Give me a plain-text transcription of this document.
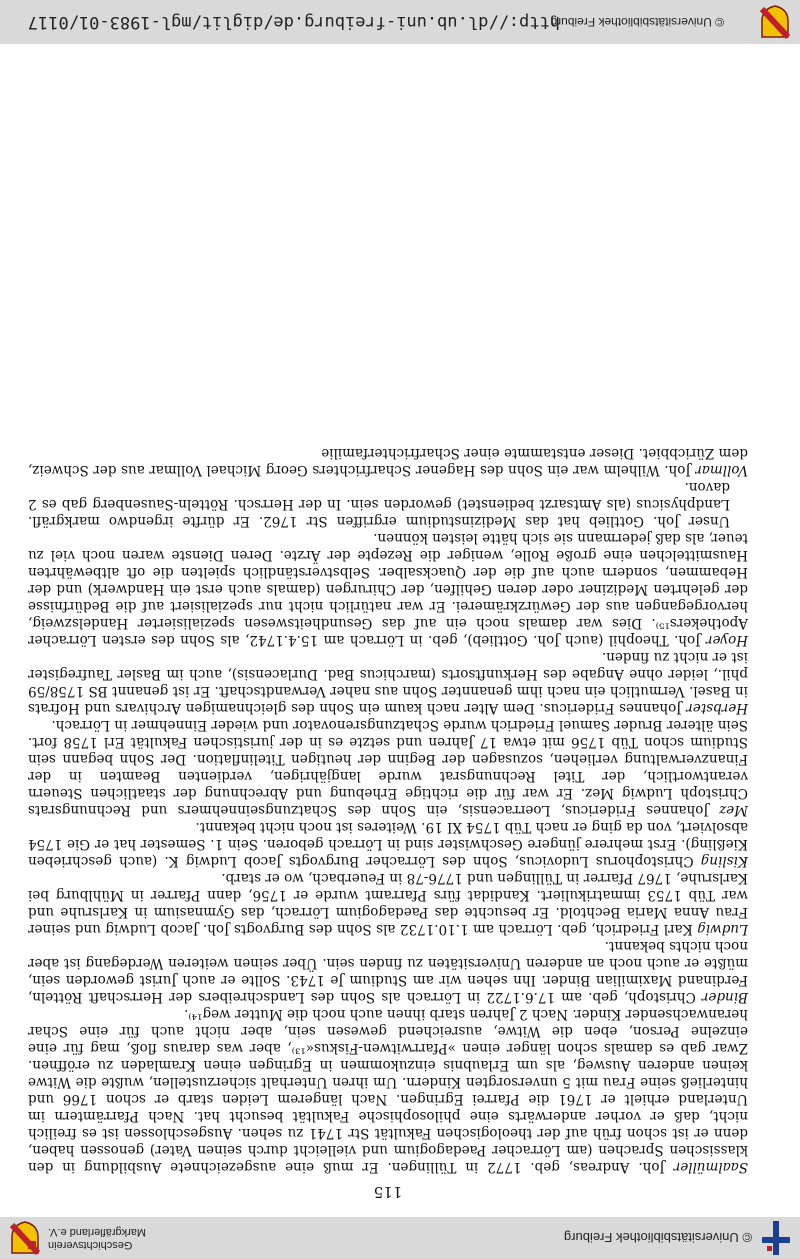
© Universitätsbibliothek Freiburg
Geschichtsverein
Markgräflerland e.V.
115

Saalmüller Joh. Andreas, geb. 1772 in Tüllingen. Er muß eine ausgezeichnete Ausbildung in den klassischen Sprachen (am Lörracher Paedagogium und vielleicht durch seinen Vater) genossen haben, denn er ist schon früh auf der theologischen Fakultät Str 1741 zu sehen. Ausgeschlossen ist es freilich nicht, daß er vorher anderwärts eine philosophische Fakultät besucht hat. Nach Pfarrämtern im Unterland erhielt er 1761 die Pfarrei Egringen. Nach längerem Leiden starb er schon 1766 und hinterließ seine Frau mit 5 unversorgten Kindern. Um ihren Unterhalt sicherzustellen, wußte die Witwe keinen anderen Ausweg, als um Erlaubnis einzukommen in Egringen einen Kramladen zu eröffnen. Zwar gab es damals schon länger einen »Pfarrwitwen-Fiskus«¹³⁾, aber was daraus floß, mag für eine einzelne Person, eben die Witwe, ausreichend gewesen sein, aber nicht auch für eine Schar heranwachsender Kinder. Nach 2 Jahren starb ihnen auch noch die Mutter weg¹⁴⁾.

Binder Christoph, geb. am 17.6.1722 in Lörrach als Sohn des Landschreibers der Herrschaft Rötteln, Ferdinand Maximilian Binder. Ihn sehen wir am Studium Je 1743. Sollte er auch Jurist geworden sein, müßte er auch noch an anderen Universitäten zu finden sein. Über seinen weiteren Werdegang ist aber noch nichts bekannt.

Ludwig Karl Friedrich, geb. Lörrach am 1.10.1732 als Sohn des Burgvogts Joh. Jacob Ludwig und seiner Frau Anna Maria Bechtold. Er besuchte das Paedagogium Lörrach, das Gymnasium in Karlsruhe und war Tüb 1753 immatrikuliert. Kandidat fürs Pfarramt wurde er 1756, dann Pfarrer in Mühlburg bei Karlsruhe, 1767 Pfarrer in Tüllingen und 1776-78 in Feuerbach, wo er starb.

Kisling Christophorus Ludovicus, Sohn des Lörracher Burgvogts Jacob Ludwig K. (auch geschrieben Kießling). Erst mehrere jüngere Geschwister sind in Lörrach geboren. Sein 1. Semester hat er Gie 1754 absolviert, von da ging er nach Tüb 1754 XI 19. Weiteres ist noch nicht bekannt.

Mez Johannes Fridericus, Loerracensis, ein Sohn des Schatzungseinnehmers und Rechnungsrats Christoph Ludwig Mez. Er war für die richtige Erhebung und Abrechnung der staatlichen Steuern verantwortlich, der Titel Rechnungsrat wurde langjährigen, verdienten Beamten in der Finanzverwaltung verliehen, sozusagen der Beginn der heutigen Titelinflation. Der Sohn begann sein Studium schon Tüb 1756 mit etwa 17 Jahren und setzte es in der juristischen Fakultät Erl 1758 fort. Sein älterer Bruder Samuel Friedrich wurde Schatzungsrenovator und wieder Einnehmer in Lörrach.

Herbster Johannes Fridericus. Dem Alter nach kaum ein Sohn des gleichnamigen Archivars und Hofrats in Basel. Vermutlich ein nach ihm genannter Sohn aus naher Verwandtschaft. Er ist genannt BS 1758/59 phil., leider ohne Angabe des Herkunftsorts (marchicus Bad. Durlacensis), auch im Basler Taufregister ist er nicht zu finden.

Hoyer Joh. Theophil (auch Joh. Gottlieb), geb. in Lörrach am 15.4.1742, als Sohn des ersten Lörracher Apothekers¹⁵⁾. Dies war damals noch ein auf das Gesundheitswesen spezialisierter Handelszweig, hervorgegangen aus der Gewürzkrämerei. Er war natürlich nicht nur spezialisiert auf die Bedürfnisse der gelehrten Mediziner oder deren Gehilfen, der Chirurgen (damals auch erst ein Handwerk) und der Hebammen, sondern auch auf die der Quacksalber. Selbstverständlich spielten die oft altbewährten Hausmittelchen eine große Rolle, weniger die Rezepte der Ärzte. Deren Dienste waren noch viel zu teuer, als daß jedermann sie sich hätte leisten können.

Unser Joh. Gottlieb hat das Medizinstudium ergriffen Str 1762. Er dürfte irgendwo markgräfl. Landphysicus (als Amtsarzt bedienstet) geworden sein. In der Herrsch. Rötteln-Sausenberg gab es 2 davon.

Vollmar Joh. Wilhelm war ein Sohn des Hagener Scharfrichters Georg Michael Vollmar aus der Schweiz, dem Züricbbiet. Dieser entstammte einer Scharfrichterfamilie

© Universitätsbibliothek Freiburg
http://dl.ub.uni-freiburg.de/diglit/mgl-1983-01/0117
